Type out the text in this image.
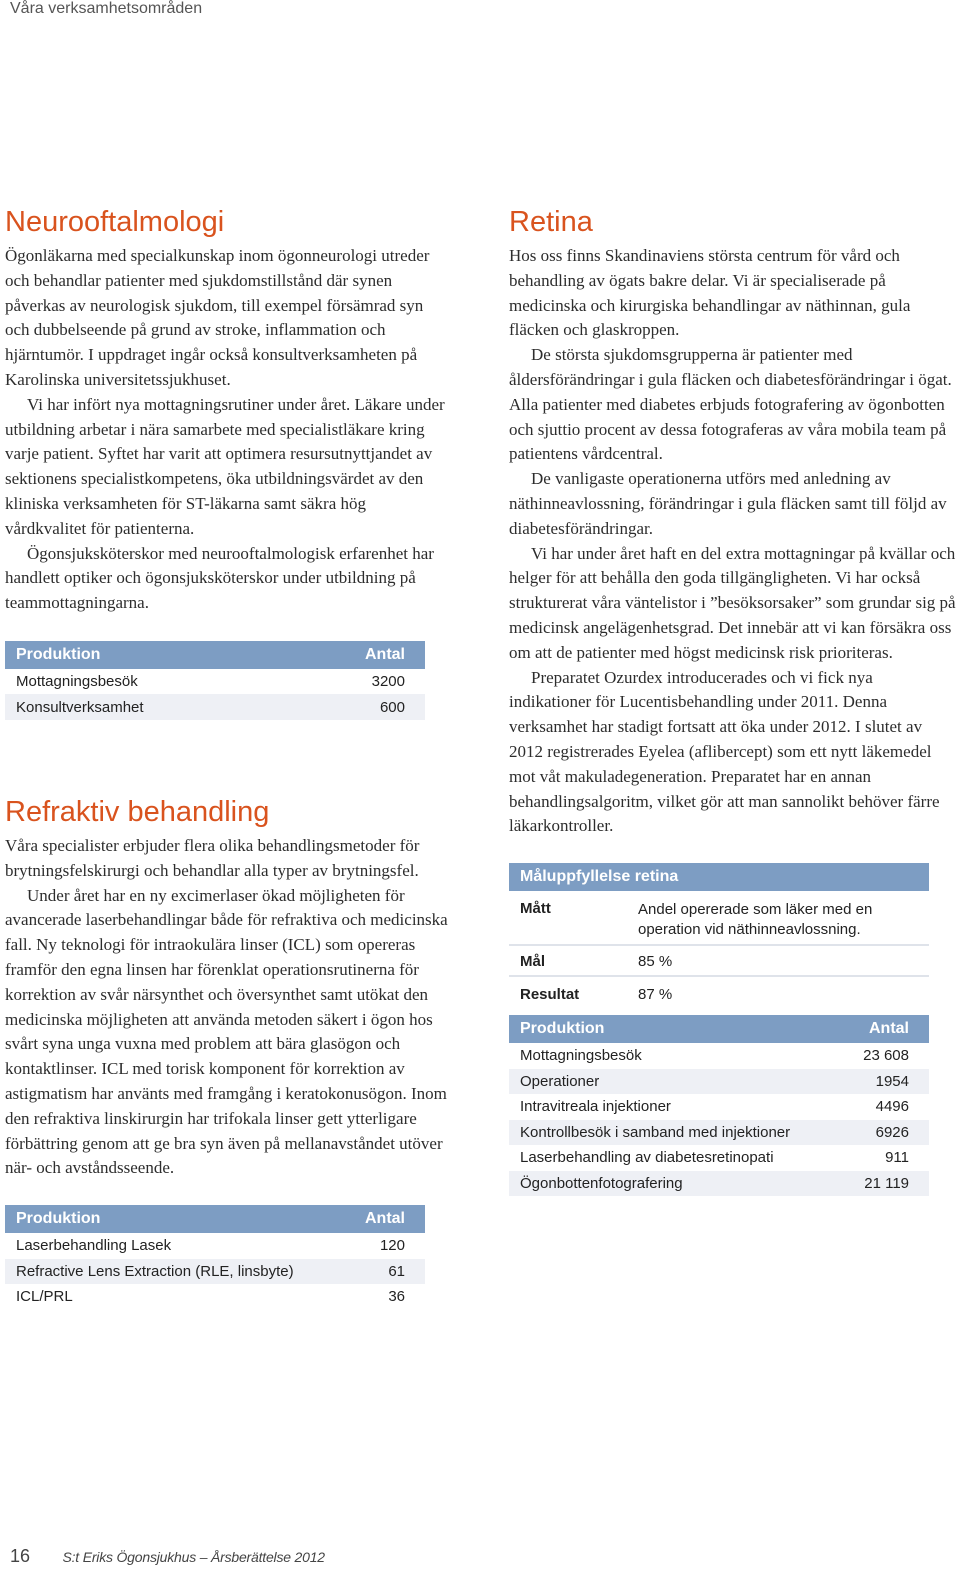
Våra verksamhetsområden
Neurooftalmologi

Ögonläkarna med specialkunskap inom ögonneurologi utreder och behandlar patienter med sjukdomstillstånd där synen påverkas av neurologisk sjukdom, till exempel försämrad syn och dubbelseende på grund av stroke, inflammation och hjärntumör. I uppdraget ingår också konsultverksamheten på Karolinska universitetssjukhuset.

Vi har infört nya mottagningsrutiner under året. Läkare under utbildning arbetar i nära samarbete med specialistläkare kring varje patient. Syftet har varit att optimera resursutnyttjandet av sektionens specialistkompetens, öka utbildningsvärdet av den kliniska verksamheten för ST-läkarna samt säkra hög vårdkvalitet för patienterna.

Ögonsjuksköterskor med neurooftalmologisk erfarenhet har handlett optiker och ögonsjuksköterskor under utbildning på teammottagningarna.

Produktion	Antal
Mottagningsbesök	3200
Konsultverksamhet	600
Refraktiv behandling

Våra specialister erbjuder flera olika behandlingsmetoder för brytningsfelskirurgi och behandlar alla typer av brytningsfel.

Under året har en ny excimerlaser ökad möjligheten för avancerade laserbehandlingar både för refraktiva och medicinska fall. Ny teknologi för intraokulära linser (ICL) som opereras framför den egna linsen har förenklat operationsrutinerna för korrektion av svår närsynthet och översynthet samt utökat den medicinska möjligheten att använda metoden säkert i ögon hos svårt syna unga vuxna med problem att bära glasögon och kontaktlinser. ICL med torisk komponent för korrektion av astigmatism har använts med framgång i keratokonusögon. Inom den refraktiva linskirurgin har trifokala linser gett ytterligare förbättring genom att ge bra syn även på mellanavståndet utöver när- och avståndsseende.

Produktion	Antal
Laserbehandling Lasek	120
Refractive Lens Extraction (RLE, linsbyte)	61
ICL/PRL	36
Retina

Hos oss finns Skandinaviens största centrum för vård och behandling av ögats bakre delar. Vi är specialiserade på medicinska och kirurgiska behandlingar av näthinnan, gula fläcken och glaskroppen.

De största sjukdomsgrupperna är patienter med åldersförändringar i gula fläcken och diabetesförändringar i ögat. Alla patienter med diabetes erbjuds fotografering av ögonbotten och sjuttio procent av dessa fotograferas av våra mobila team på patientens vårdcentral.

De vanligaste operationerna utförs med anledning av näthinneavlossning, förändringar i gula fläcken samt till följd av diabetesförändringar.

Vi har under året haft en del extra mottagningar på kvällar och helger för att behålla den goda tillgängligheten. Vi har också strukturerat våra väntelistor i ”besöksorsaker” som grundar sig på medicinsk angelägenhetsgrad. Det innebär att vi kan försäkra oss om att de patienter med högst medicinsk risk prioriteras.

Preparatet Ozurdex introducerades och vi fick nya indikationer för Lucentisbehandling under 2011. Denna verksamhet har stadigt fortsatt att öka under 2012. I slutet av 2012 registrerades Eyelea (aflibercept) som ett nytt läkemedel mot våt makuladegeneration. Preparatet har en annan behandlingsalgoritm, vilket gör att man sannolikt behöver färre läkarkontroller.

Måluppfyllelse retina
Mått	Andel opererade som läker med en operation vid näthinneavlossning.
Mål	85 %
Resultat	87 %
Produktion	Antal
Mottagningsbesök	23 608
Operationer	1954
Intravitreala injektioner	4496
Kontrollbesök i samband med injektioner	6926
Laserbehandling av diabetesretinopati	911
Ögonbottenfotografering	21 119
16 S:t Eriks Ögonsjukhus – Årsberättelse 2012
